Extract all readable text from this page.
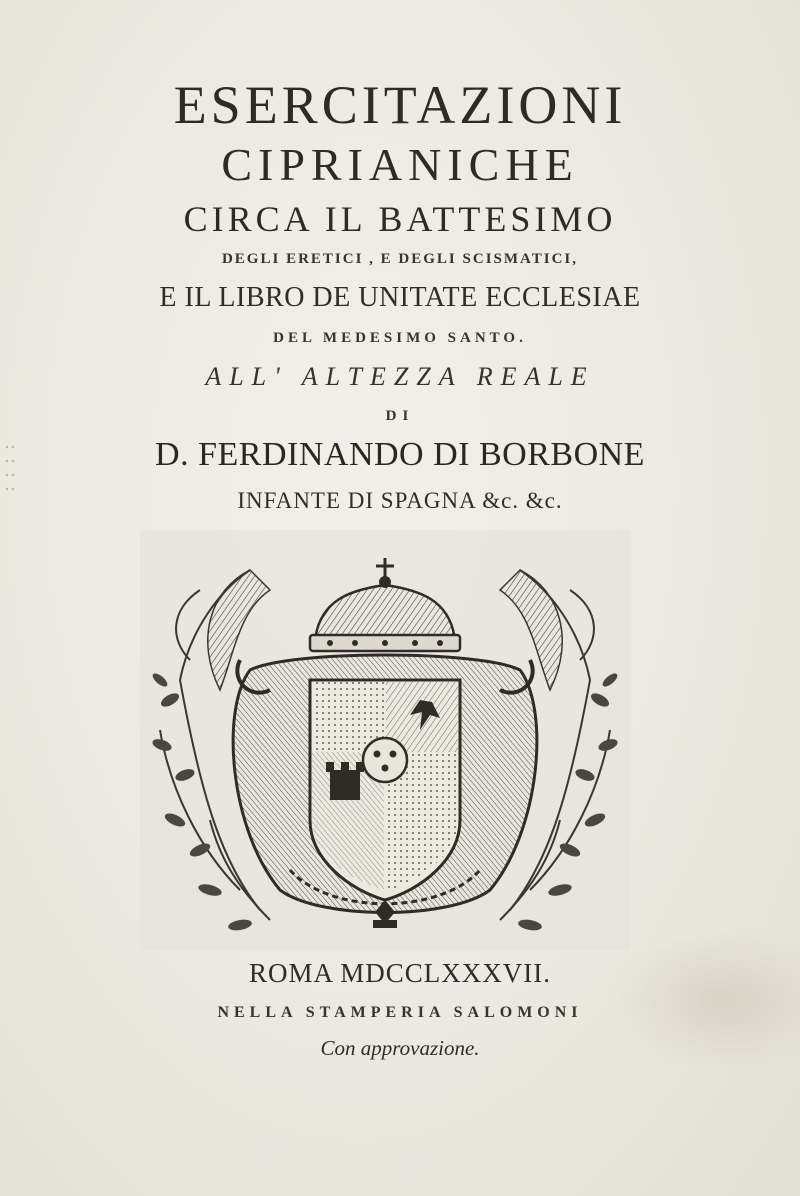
ESERCITAZIONI
CIPRIANICHE
CIRCA IL BATTESIMO
DEGLI ERETICI , E DEGLI SCISMATICI,
E IL LIBRO DE UNITATE ECCLESIAE
DEL MEDESIMO SANTO.
ALL' ALTEZZA REALE
DI
D. FERDINANDO DI BORBONE
INFANTE DI SPAGNA &c. &c.
ROMA MDCCLXXXVII.
NELLA STAMPERIA SALOMONI
Con approvazione.
